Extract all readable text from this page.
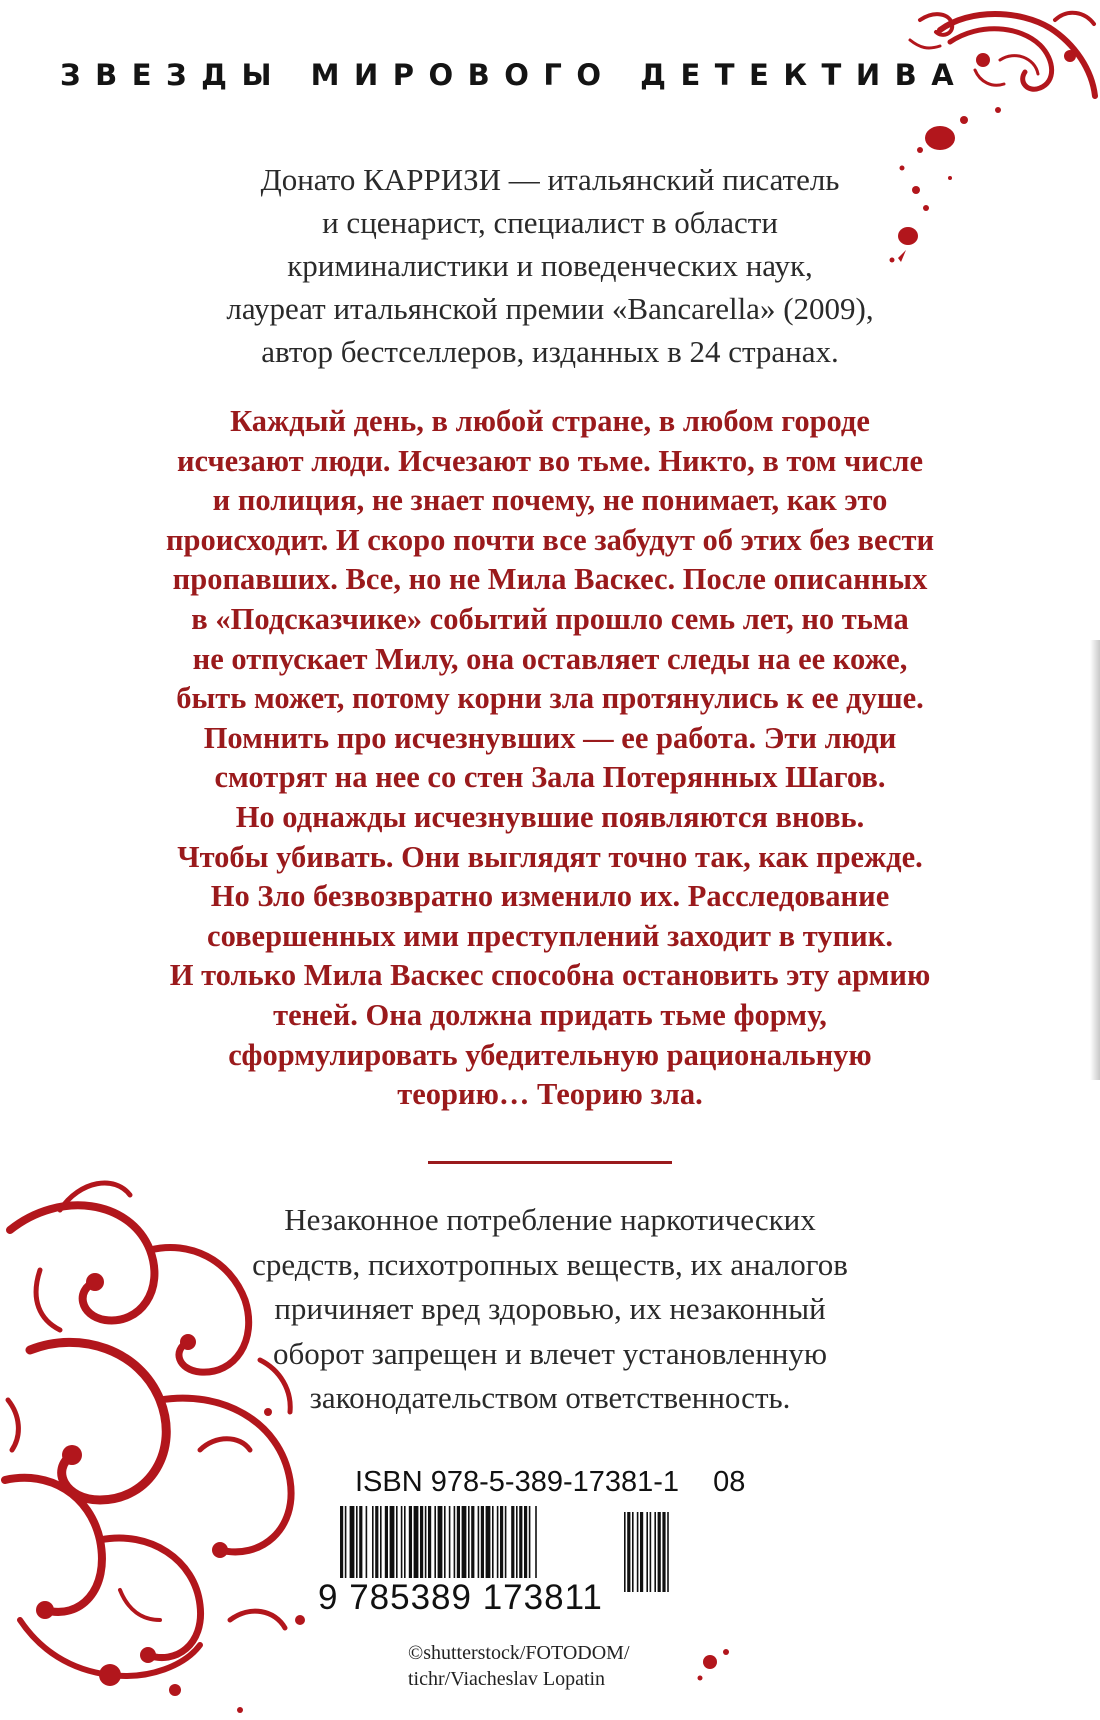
ЗВЕЗДЫ МИРОВОГО ДЕТЕКТИВА
Донато КАРРИЗИ — итальянский писатель
и сценарист, специалист в области
криминалистики и поведенческих наук,
лауреат итальянской премии «Bancarella» (2009),
автор бестселлеров, изданных в 24 странах.
Каждый день, в любой стране, в любом городе
исчезают люди. Исчезают во тьме. Никто, в том числе
и полиция, не знает почему, не понимает, как это
происходит. И скоро почти все забудут об этих без вести
пропавших. Все, но не Мила Васкес. После описанных
в «Подсказчике» событий прошло семь лет, но тьма
не отпускает Милу, она оставляет следы на ее коже,
быть может, потому корни зла протянулись к ее душе.
Помнить про исчезнувших — ее работа. Эти люди
смотрят на нее со стен Зала Потерянных Шагов.
Но однажды исчезнувшие появляются вновь.
Чтобы убивать. Они выглядят точно так, как прежде.
Но Зло безвозвратно изменило их. Расследование
совершенных ими преступлений заходит в тупик.
И только Мила Васкес способна остановить эту армию
теней. Она должна придать тьме форму,
сформулировать убедительную рациональную
теорию… Теорию зла.
Незаконное потребление наркотических
средств, психотропных веществ, их аналогов
причиняет вред здоровью, их незаконный
оборот запрещен и влечет установленную
законодательством ответственность.
ISBN 978-5-389-17381-1 08
9 785389 173811
©shutterstock/FOTODOM/
tichr/Viacheslav Lopatin
